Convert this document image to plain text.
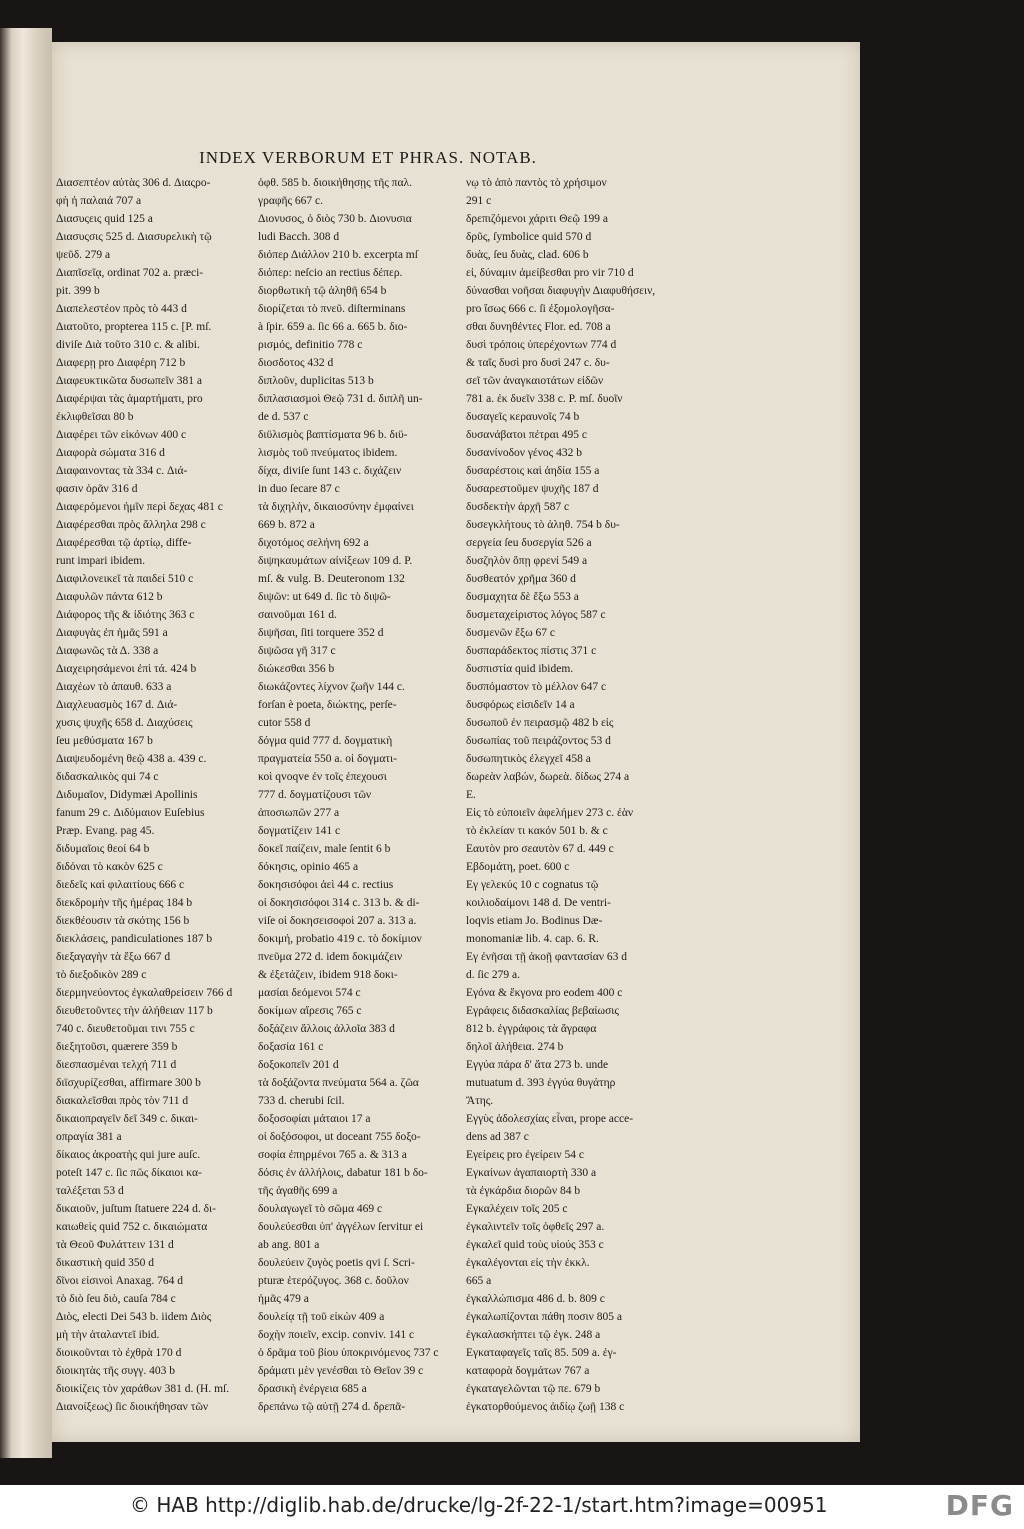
INDEX VERBORUM ET PHRAS. NOTAB.
Διασεπτέον αὐτὰς 306 d. Διαςρο-
φὴ ἡ παλαιά 707 a
Διασυςεις quid 125 a
Διασυςσις 525 d. Διασυρελικὴ τῷ
ψεῦδ. 279 a
Διαπῖσεῖᾳ, ordinat 702 a. præci-
pit. 399 b
Διαπελεστέον πρὸς τὸ 443 d
Διατοῦτο, propterea 115 c. [P. mſ.
diviſe Διὰ τοῦτο 310 c. & alibi.
Διαφερῃ pro Διαφέρη 712 b
Διαφευκτικῶτα δυσωπεῖν 381 a
Διαφέρψαι τὰς ἁμαρτήματι, pro
ἐκλιφθεῖσαι 80 b
Διαφέρει τῶν εἰκόνων 400 c
Διαφορὰ σώματα 316 d
Διαφαινοντας τὰ 334 c. Διά-
φασιν ὁρᾶν 316 d
Διαφερόμενοι ἡμῖν περὶ δεχας 481 c
Διαφέρεσθαι πρὸς ἄλληλα 298 c
Διαφέρεσθαι τῷ ἀρτίῳ, diffe-
runt impari ibidem.
Διαφιλονεικεῖ τὰ παιδεί 510 c
Διαφυλῶν πάντα 612 b
Διάφορος τῆς & ἰδιότης 363 c
Διαφυγὰς ἐπ ἡμᾶς 591 a
Διαφωνῶς τὰ Δ. 338 a
Διαχειρησάμενοι ἐπὶ τά. 424 b
Διαχέων τὸ ἀπαυθ. 633 a
Διαχλευασμὸς 167 d. Διά-
χυσις ψυχῆς 658 d. Διαχύσεις
ſeu μεθύσματα 167 b
Διαψευδομένη θεῷ 438 a. 439 c.
διδασκαλικὸς qui 74 c
Διδυμαῖον, Didymæi Apollinis
fanum 29 c. Διδύμαιον Euſebius
Præp. Evang. pag 45.
διδυμαῖοις θεοί 64 b
διδόναι τὸ κακὸν 625 c
διεδεῖς καὶ φιλαιτίους 666 c
διεκδρομὴν τῆς ἡμέρας 184 b
διεκθέουσιν τὰ σκότης 156 b
διεκλάσεις, pandiculationes 187 b
διεξαγαγὴν τὰ ἔξω 667 d
τὸ διεξοδικὸν 289 c
διερμηνεύοντος ἐγκαλαθρείσειν 766 d
διευθετοῦντες τὴν ἀλήθειαν 117 b
740 c. διευθετοῦμαι τινι 755 c
διεξητοῦσι, quærere 359 b
διεσπασμέναι τελχή 711 d
διϊσχυρίζεσθαι, affirmare 300 b
διακαλεῖσθαι πρὸς τὸν 711 d
δικαιοπραγεῖν δεῖ 349 c. δικαι-
οπραγία 381 a
δίκαιος ἀκροατὴς qui jure auſc.
poteſt 147 c. ſic πῶς δίκαιοι κα-
ταλέξεται 53 d
δικαιοῦν, juſtum ſtatuere 224 d. δι-
καιωθεὶς quid 752 c. δικαιώματα
τὰ Θεοῦ Φυλάττειν 131 d
δικαστικὴ quid 350 d
δῖνοι εἰσινοὶ Anaxag. 764 d
τὸ διὸ ſeu διὸ, cauſa 784 c
Διὸς, electi Dei 543 b. iidem Διὸς
μὴ τὴν ἀταλαντεῖ ibid.
διοικοῦνται τὸ ἐχθρὰ 170 d
διοικητὰς τῆς συγγ. 403 b
διοικίζεις τὸν χαράθων 381 d. (H. mſ.
Διανοίξεως) ſic διοικήθησαν τῶν
ὀφθ. 585 b. διοικήθησῃς τῆς παλ.
γραφῆς 667 c.
Διονυσος, ὁ διὸς 730 b. Διονυσια
ludi Bacch. 308 d
διόπερ Διάλλον 210 b. excerpta mſ
διόπερ: neſcio an rectius δέπερ.
διορθωτικὴ τῷ ἀληθῆ 654 b
διορίζεται τὸ πνεῦ. diſterminans
à ſpir. 659 a. ſic 66 a. 665 b. διο-
ρισμός, definitio 778 c
διοσδοτος 432 d
διπλοῦν, duplicitas 513 b
διπλασιασμοὶ Θεῷ 731 d. διπλῆ un-
de d. 537 c
διϋλισμὸς βαπτίσματα 96 b. διϋ-
λισμὸς τοῦ πνεύματος ibidem.
δίχα, diviſe ſunt 143 c. διχάζειν
in duo ſecare 87 c
τὰ διχηλὴν, δικαιοσύνην ἐμφαίνει
669 b. 872 a
διχοτόμος σελήνη 692 a
διψηκαυμάτων αἰνίξεων 109 d. P.
mſ. & vulg. B. Deuteronom 132
διψῶν: ut 649 d. ſic τὸ διψῶ-
σαινοῦμαι 161 d.
διψῆσαι, ſiti torquere 352 d
διψῶσα γῆ 317 c
διώκεσθαι 356 b
διωκάζοντες λίχνον ζωῆν 144 c.
forſan è poeta, διώκτης, perſe-
cutor 558 d
δόγμα quid 777 d. δογματικὴ
πραγματεία 550 a. οἱ δογματι-
κοὶ qvoqve ἐν τοῖς ἐπεχουσι
777 d. δογματίζουσι τῶν
ἀποσιωπῶν 277 a
δογματίζειν 141 c
δοκεῖ παίζειν, male ſentit 6 b
δόκησις, opinio 465 a
δοκησισόφοι ἀεὶ 44 c. rectius
οἱ δοκησισόφοι 314 c. 313 b. & di-
viſe οἱ δοκησεισοφοὶ 207 a. 313 a.
δοκιμή, probatio 419 c. τὸ δοκίμιον
πνεῦμα 272 d. idem δοκιμάζειν
& ἐξετάζειν, ibidem 918 δοκι-
μασίαι δεόμενοι 574 c
δοκίμων αἵρεσις 765 c
δοξάζειν ἄλλοις ἀλλοῖα 383 d
δοξασία 161 c
δοξοκοπεῖν 201 d
τὰ δοξάζοντα πνεύματα 564 a. ζῶα
733 d. cherubi ſcil.
δοξοσοφίαι μάταιοι 17 a
οἱ δοξόσοφοι, ut doceant 755 δοξο-
σοφία ἐπηρμένοι 765 a. & 313 a
δόσις ἐν ἀλλήλοις, dabatur 181 b δο-
τῆς ἀγαθῆς 699 a
δουλαγωγεῖ τὸ σῶμα 469 c
δουλεύεσθαι ὑπ' ἀγγέλων ſervitur ei
ab ang. 801 a
δουλεύειν ζυγὸς poetis qvi ſ. Scri-
pturæ ἑτερόζυγος. 368 c. δοῦλον
ἡμᾶς 479 a
δουλείᾳ τῇ τοῦ εἰκὼν 409 a
δοχὴν ποιεῖν, excip. conviv. 141 c
ὁ δρᾶμα τοῦ βίου ὑποκρινόμενος 737 c
δράματι μὲν γενέσθαι τὸ Θεῖον 39 c
δρασικὴ ἐνέργεια 685 a
δρεπάνω τῷ αὐτῇ 274 d. δρεπᾶ-
νῳ τὸ ἀπὸ παντὸς τὸ χρήσιμον
291 c
δρεπιζόμενοι χάριτι Θεῷ 199 a
δρῦς, ſymbolice quid 570 d
δυὰς, ſeu δυὰς, clad. 606 b
εἰ, δύναμιν ἀμείβεσθαι pro vir 710 d
δύνασθαι νοῆσαι διαφυγὴν Διαφυθήσειν,
pro ἴσως 666 c. ſi ἐξομολογῆσα-
σθαι δυνηθέντες Flor. ed. 708 a
δυσὶ τρόποις ὑπερέχοντων 774 d
& ταῖς δυσὶ pro δυσὶ 247 c. δυ-
σεῖ τῶν ἀναγκαιοτάτων εἰδῶν
781 a. ἐκ δυεῖν 338 c. P. mſ. δυοῖν
δυσαγεῖς κεραυνοῖς 74 b
δυσανάβατοι πέτραι 495 c
δυσανίνοδον γένος 432 b
δυσαρέστοις καὶ ἀηδία 155 a
δυσαρεστοῦμεν ψυχῆς 187 d
δυσδεκτὴν ἀρχῆ 587 c
δυσεγκλήτους τὸ ἀληθ. 754 b δυ-
σεργεία ſeu δυσεργία 526 a
δυσζηλὸν ὅπῃ φρενί 549 a
δυσθεατόν χρῆμα 360 d
δυσμαχητα δὲ ἔξω 553 a
δυσμεταχείριστος λόγος 587 c
δυσμενῶν ἔξω 67 c
δυσπαράδεκτος πίστις 371 c
δυσπιστία quid ibidem.
δυσπόμαστον τὸ μέλλον 647 c
δυσφόρως εἰσιδεῖν 14 a
δυσωποῦ ἐν πειρασμῷ 482 b εἰς
δυσωπίας τοῦ πειράζοντος 53 d
δυσωπητικὸς ἐλεγχεῖ 458 a
δωρεὰν λαβών, δωρεὰ. δίδως 274 a
E.
Εἰς τὸ εὐποιεῖν ἀφελήμεν 273 c. ἐὰν
τὸ ἐκλείαν τι κακόν 501 b. & c
Εαυτὸν pro σεαυτὸν 67 d. 449 c
Εβδομάτη, poet. 600 c
Εγ γελεκύς 10 c cognatus τῷ
κοιλιοδαίμονι 148 d. De ventri-
loqvis etiam Jo. Bodinus Dæ-
monomaniæ lib. 4. cap. 6. R.
Εγ ἐνῆσαι τῇ ἀκοῇ φαντασίαν 63 d
d. ſic 279 a.
Εγόνα & ἔκγονα pro eodem 400 c
Εγράφεις διδασκαλίας βεβαίωσις
812 b. ἐγγράφοις τὰ ἄγραφα
δηλοῖ ἀλήθεια. 274 b
Εγγύα πάρα δ' ἄτα 273 b. unde
mutuatum d. 393 ἐγγύα θυγάτηρ
Ἄτης.
Εγγὺς ἀδολεσχίας εἶναι, prope acce-
dens ad 387 c
Εγείρεις pro ἐγείρειν 54 c
Εγκαίνων ἀγαπαιορτὴ 330 a
τὰ ἐγκάρδια διορῶν 84 b
Εγκαλέχειν τοῖς 205 c
ἐγκαλιντεῖν τοῖς ὀφθεῖς 297 a.
ἐγκαλεῖ quid τοὺς υἱούς 353 c
ἐγκαλέγονται εἰς τὴν ἐκκλ.
665 a
ἐγκαλλώπισμα 486 d. b. 809 c
ἐγκαλωπίζονται πάθη ποσιν 805 a
ἐγκαλασκήπτει τῷ ἐγκ. 248 a
Εγκαταφαγεῖς ταῖς 85. 509 a. ἐγ-
καταφορὰ δογμάτων 767 a
ἐγκαταγελῶνται τῷ πε. 679 b
ἐγκατορθούμενος ἀιδίῳ ζωῇ 138 c
© HAB http://diglib.hab.de/drucke/lg-2f-22-1/start.htm?image=00951	DFG
